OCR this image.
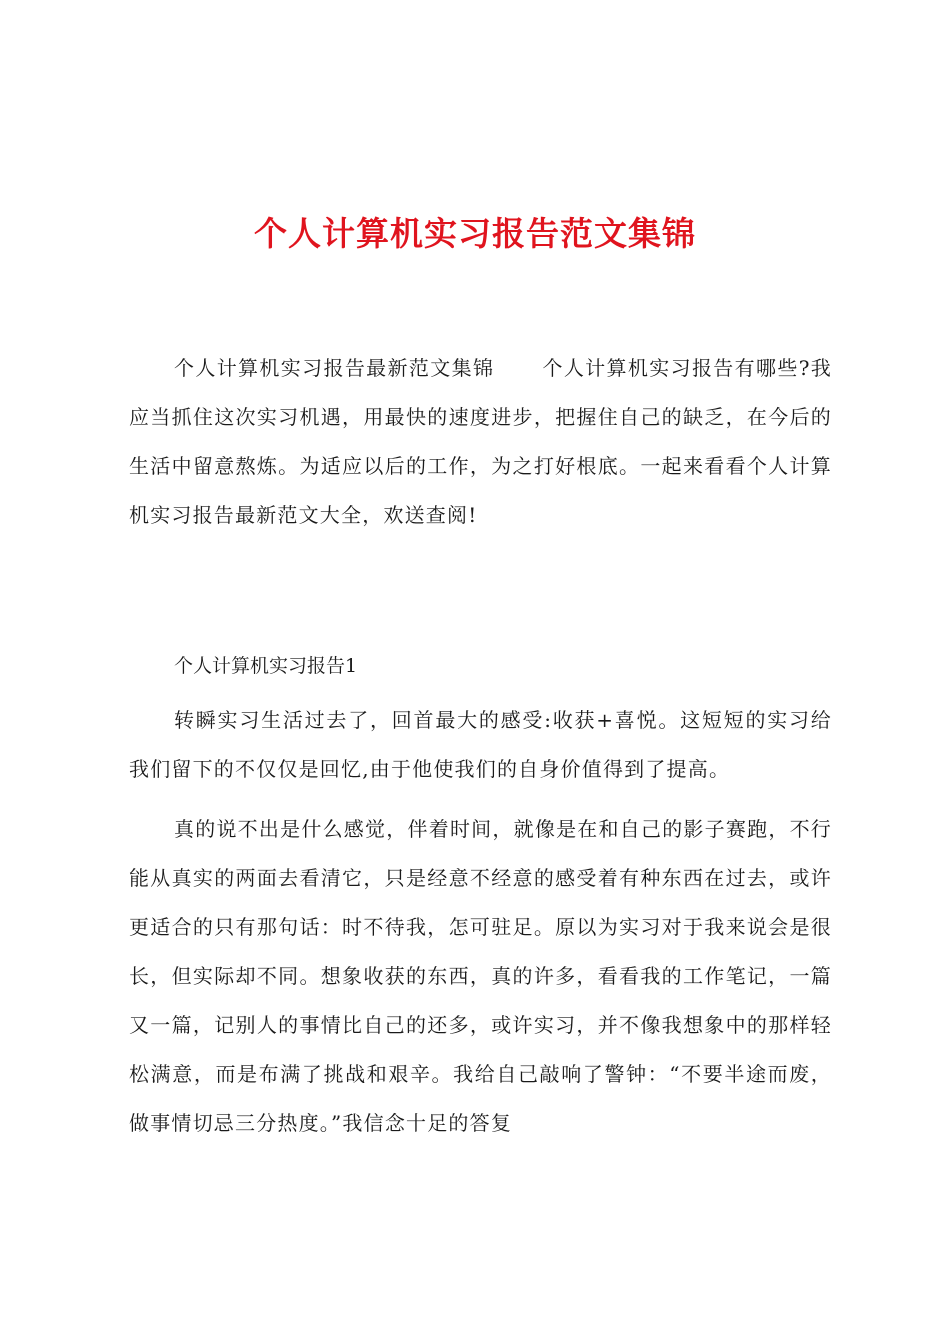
个人计算机实习报告范文集锦

个人计算机实习报告最新范文集锦 个人计算机实习报告有哪些?我应当抓住这次实习机遇，用最快的速度进步，把握住自己的缺乏，在今后的生活中留意熬炼。为适应以后的工作，为之打好根底。一起来看看个人计算机实习报告最新范文大全，欢送查阅!

个人计算机实习报告1

转瞬实习生活过去了，回首最大的感受:收获+喜悦。这短短的实习给我们留下的不仅仅是回忆,由于他使我们的自身价值得到了提高。

真的说不出是什么感觉，伴着时间，就像是在和自己的影子赛跑，不行能从真实的两面去看清它，只是经意不经意的感受着有种东西在过去，或许更适合的只有那句话：时不待我，怎可驻足。原以为实习对于我来说会是很长，但实际却不同。想象收获的东西，真的许多，看看我的工作笔记，一篇又一篇，记别人的事情比自己的还多，或许实习，并不像我想象中的那样轻松满意，而是布满了挑战和艰辛。我给自己敲响了警钟：“不要半途而废，做事情切忌三分热度。”我信念十足的答复
